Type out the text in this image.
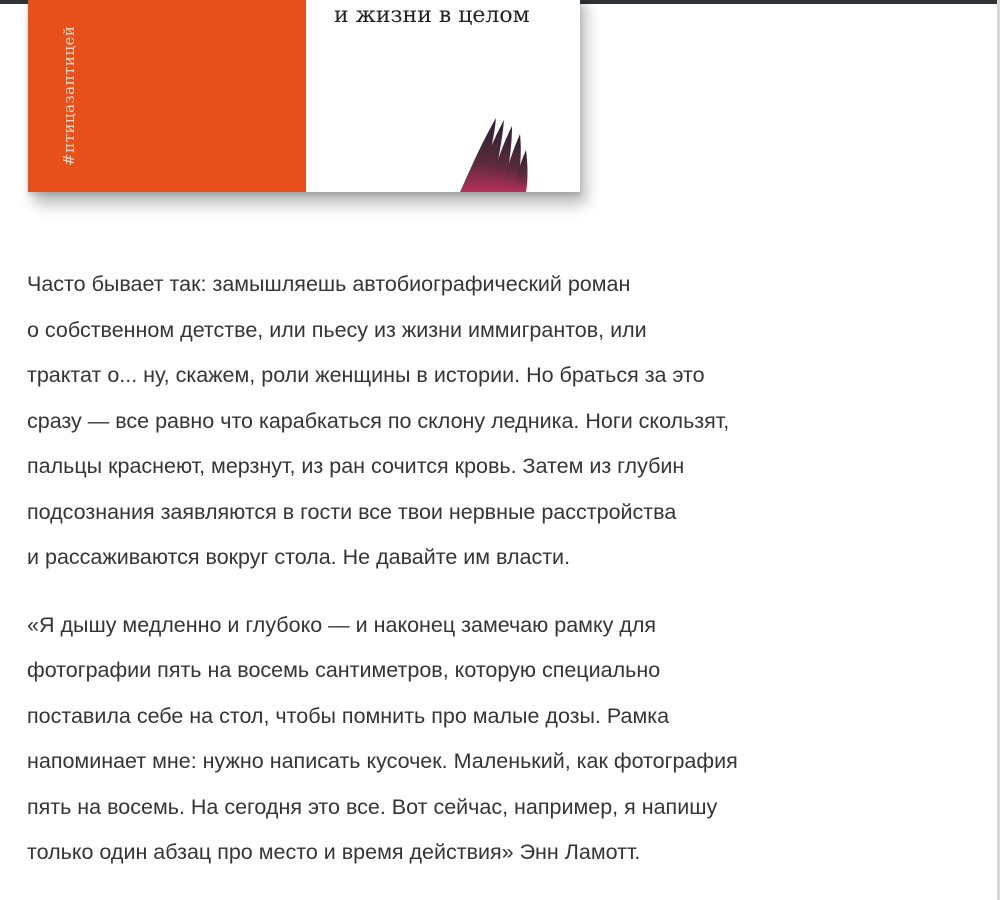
#птицазаптицей
и жизни в целом

Часто бывает так: замышляешь автобиографический роман
о собственном детстве, или пьесу из жизни иммигрантов, или
трактат о... ну, скажем, роли женщины в истории. Но браться за это
сразу — все равно что карабкаться по склону ледника. Ноги скользят,
пальцы краснеют, мерзнут, из ран сочится кровь. Затем из глубин
подсознания заявляются в гости все твои нервные расстройства
и рассаживаются вокруг стола. Не давайте им власти.

«Я дышу медленно и глубоко — и наконец замечаю рамку для
фотографии пять на восемь сантиметров, которую специально
поставила себе на стол, чтобы помнить про малые дозы. Рамка
напоминает мне: нужно написать кусочек. Маленький, как фотография
пять на восемь. На сегодня это все. Вот сейчас, например, я напишу
только один абзац про место и время действия» Энн Ламотт.
